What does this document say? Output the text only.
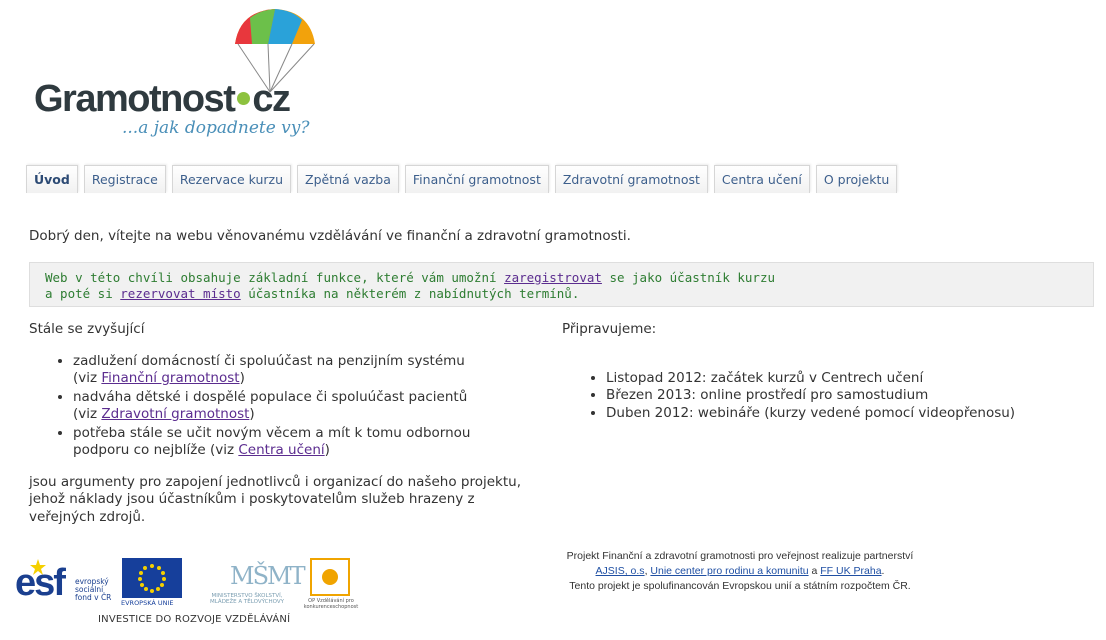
Gramotnost cz
...a jak dopadnete vy?
Úvod	Registrace	Rezervace kurzu	Zpětná vazba	Finanční gramotnost	Zdravotní gramotnost	Centra učení	O projektu
Dobrý den, vítejte na webu věnovanému vzdělávání ve finanční a zdravotní gramotnosti.
Web v této chvíli obsahuje základní funkce, které vám umožní zaregistrovat se jako účastník kurzu
a poté si rezervovat místo účastníka na některém z nabídnutých termínů.

Stále se zvyšující

• zadlužení domácností či spoluúčast na penzijním systému
(viz Finanční gramotnost)
• nadváha dětské i dospělé populace či spoluúčast pacientů
(viz Zdravotní gramotnost)
• potřeba stále se učit novým věcem a mít k tomu odbornou podporu co nejblíže (viz Centra učení)

jsou argumenty pro zapojení jednotlivců i organizací do našeho projektu, jehož náklady jsou účastníkům i poskytovatelům služeb hrazeny z veřejných zdrojů.

Připravujeme:

• Listopad 2012: začátek kurzů v Centrech učení
• Březen 2013: online prostředí pro samostudium
• Duben 2012: webináře (kurzy vedené pomocí videopřenosu)
esf evropský sociální fond v ČR
EVROPSKÁ UNIE
MŠMT
MINISTERSTVO ŠKOLSTVÍ, MLÁDEŽE A TĚLOVÝCHOVY	OP Vzdělávání pro konkurenceschopnost
INVESTICE DO ROZVOJE VZDĚLÁVÁNÍ
Projekt Finanční a zdravotní gramotnosti pro veřejnost realizuje partnerství
AJSIS, o.s, Unie center pro rodinu a komunitu a FF UK Praha.
Tento projekt je spolufinancován Evropskou unií a státním rozpočtem ČR.
